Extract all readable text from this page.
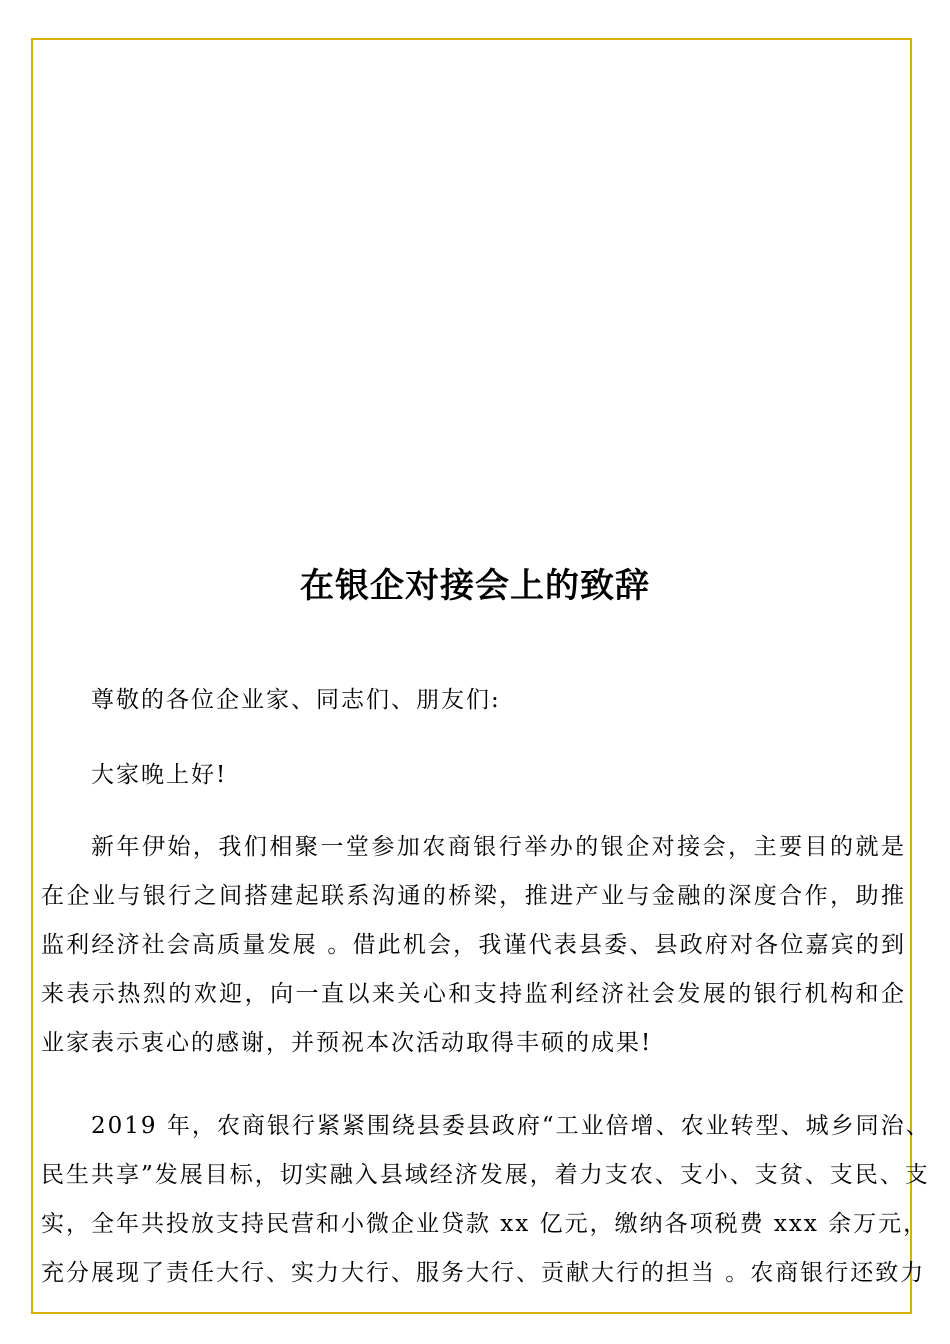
在银企对接会上的致辞
尊敬的各位企业家、同志们、朋友们:
大家晚上好!
新年伊始，我们相聚一堂参加农商银行举办的银企对接会，主要目的就是
在企业与银行之间搭建起联系沟通的桥梁，推进产业与金融的深度合作，助推
监利经济社会高质量发展 。借此机会，我谨代表县委、县政府对各位嘉宾的到
来表示热烈的欢迎，向一直以来关心和支持监利经济社会发展的银行机构和企
业家表示衷心的感谢，并预祝本次活动取得丰硕的成果!
2019 年，农商银行紧紧围绕县委县政府“工业倍增、农业转型、城乡同治、
民生共享”发展目标，切实融入县域经济发展，着力支农、支小、支贫、支民、支
实，全年共投放支持民营和小微企业贷款 xx 亿元，缴纳各项税费 xxx 余万元，
充分展现了责任大行、实力大行、服务大行、贡献大行的担当 。农商银行还致力
